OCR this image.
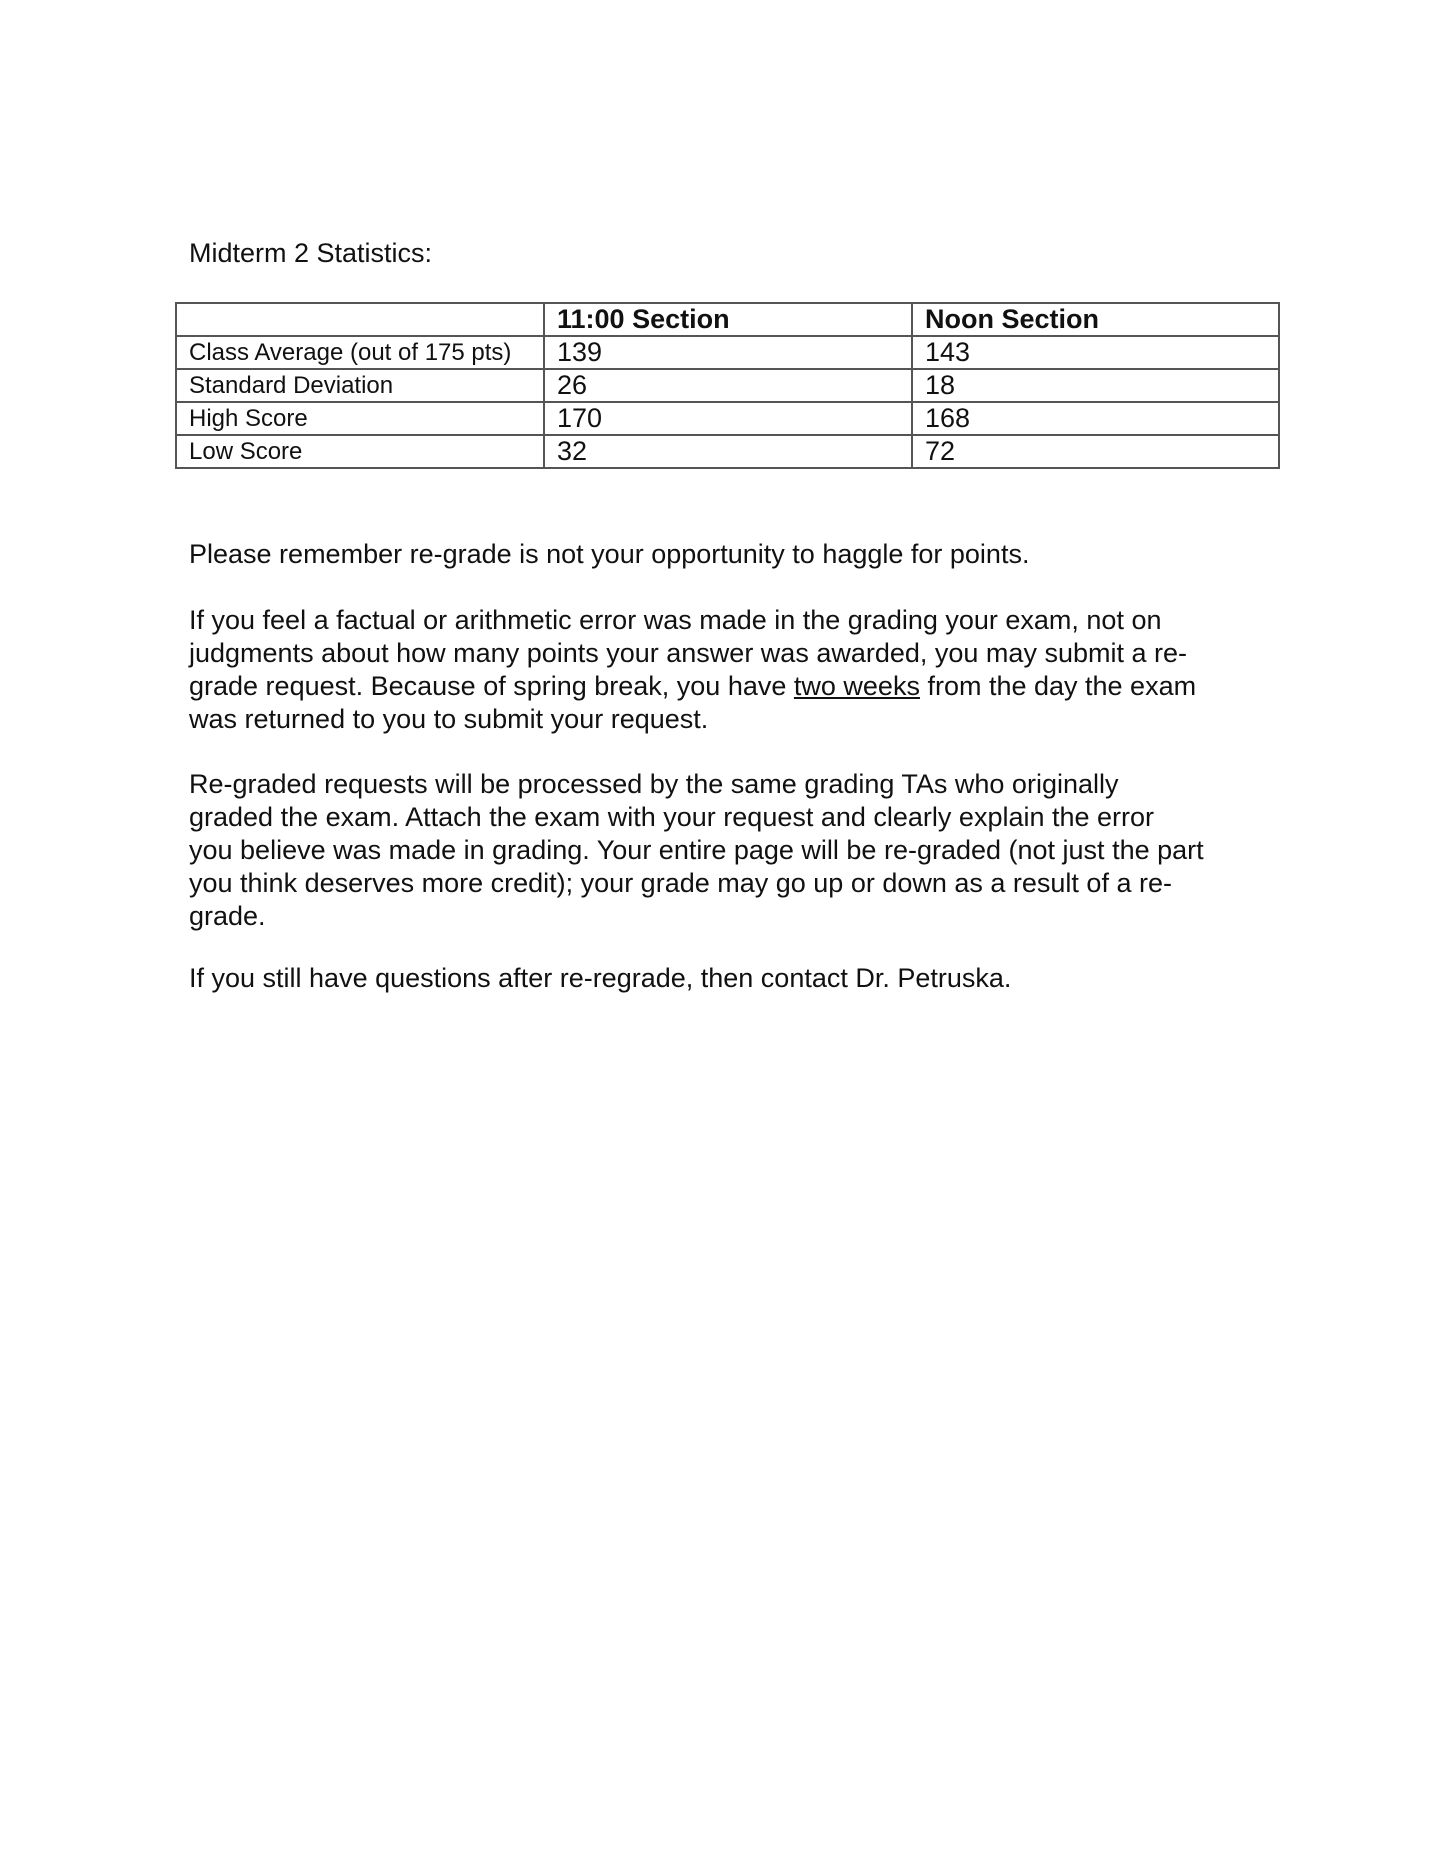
Midterm 2 Statistics:
	11:00 Section	Noon Section
Class Average (out of 175 pts)	139	143
Standard Deviation	26	18
High Score	170	168
Low Score	32	72

Please remember re-grade is not your opportunity to haggle for points.

If you feel a factual or arithmetic error was made in the grading your exam, not on
judgments about how many points your answer was awarded, you may submit a re-
grade request. Because of spring break, you have two weeks from the day the exam
was returned to you to submit your request.

Re-graded requests will be processed by the same grading TAs who originally
graded the exam. Attach the exam with your request and clearly explain the error
you believe was made in grading. Your entire page will be re-graded (not just the part
you think deserves more credit); your grade may go up or down as a result of a re-
grade.

If you still have questions after re-regrade, then contact Dr. Petruska.
